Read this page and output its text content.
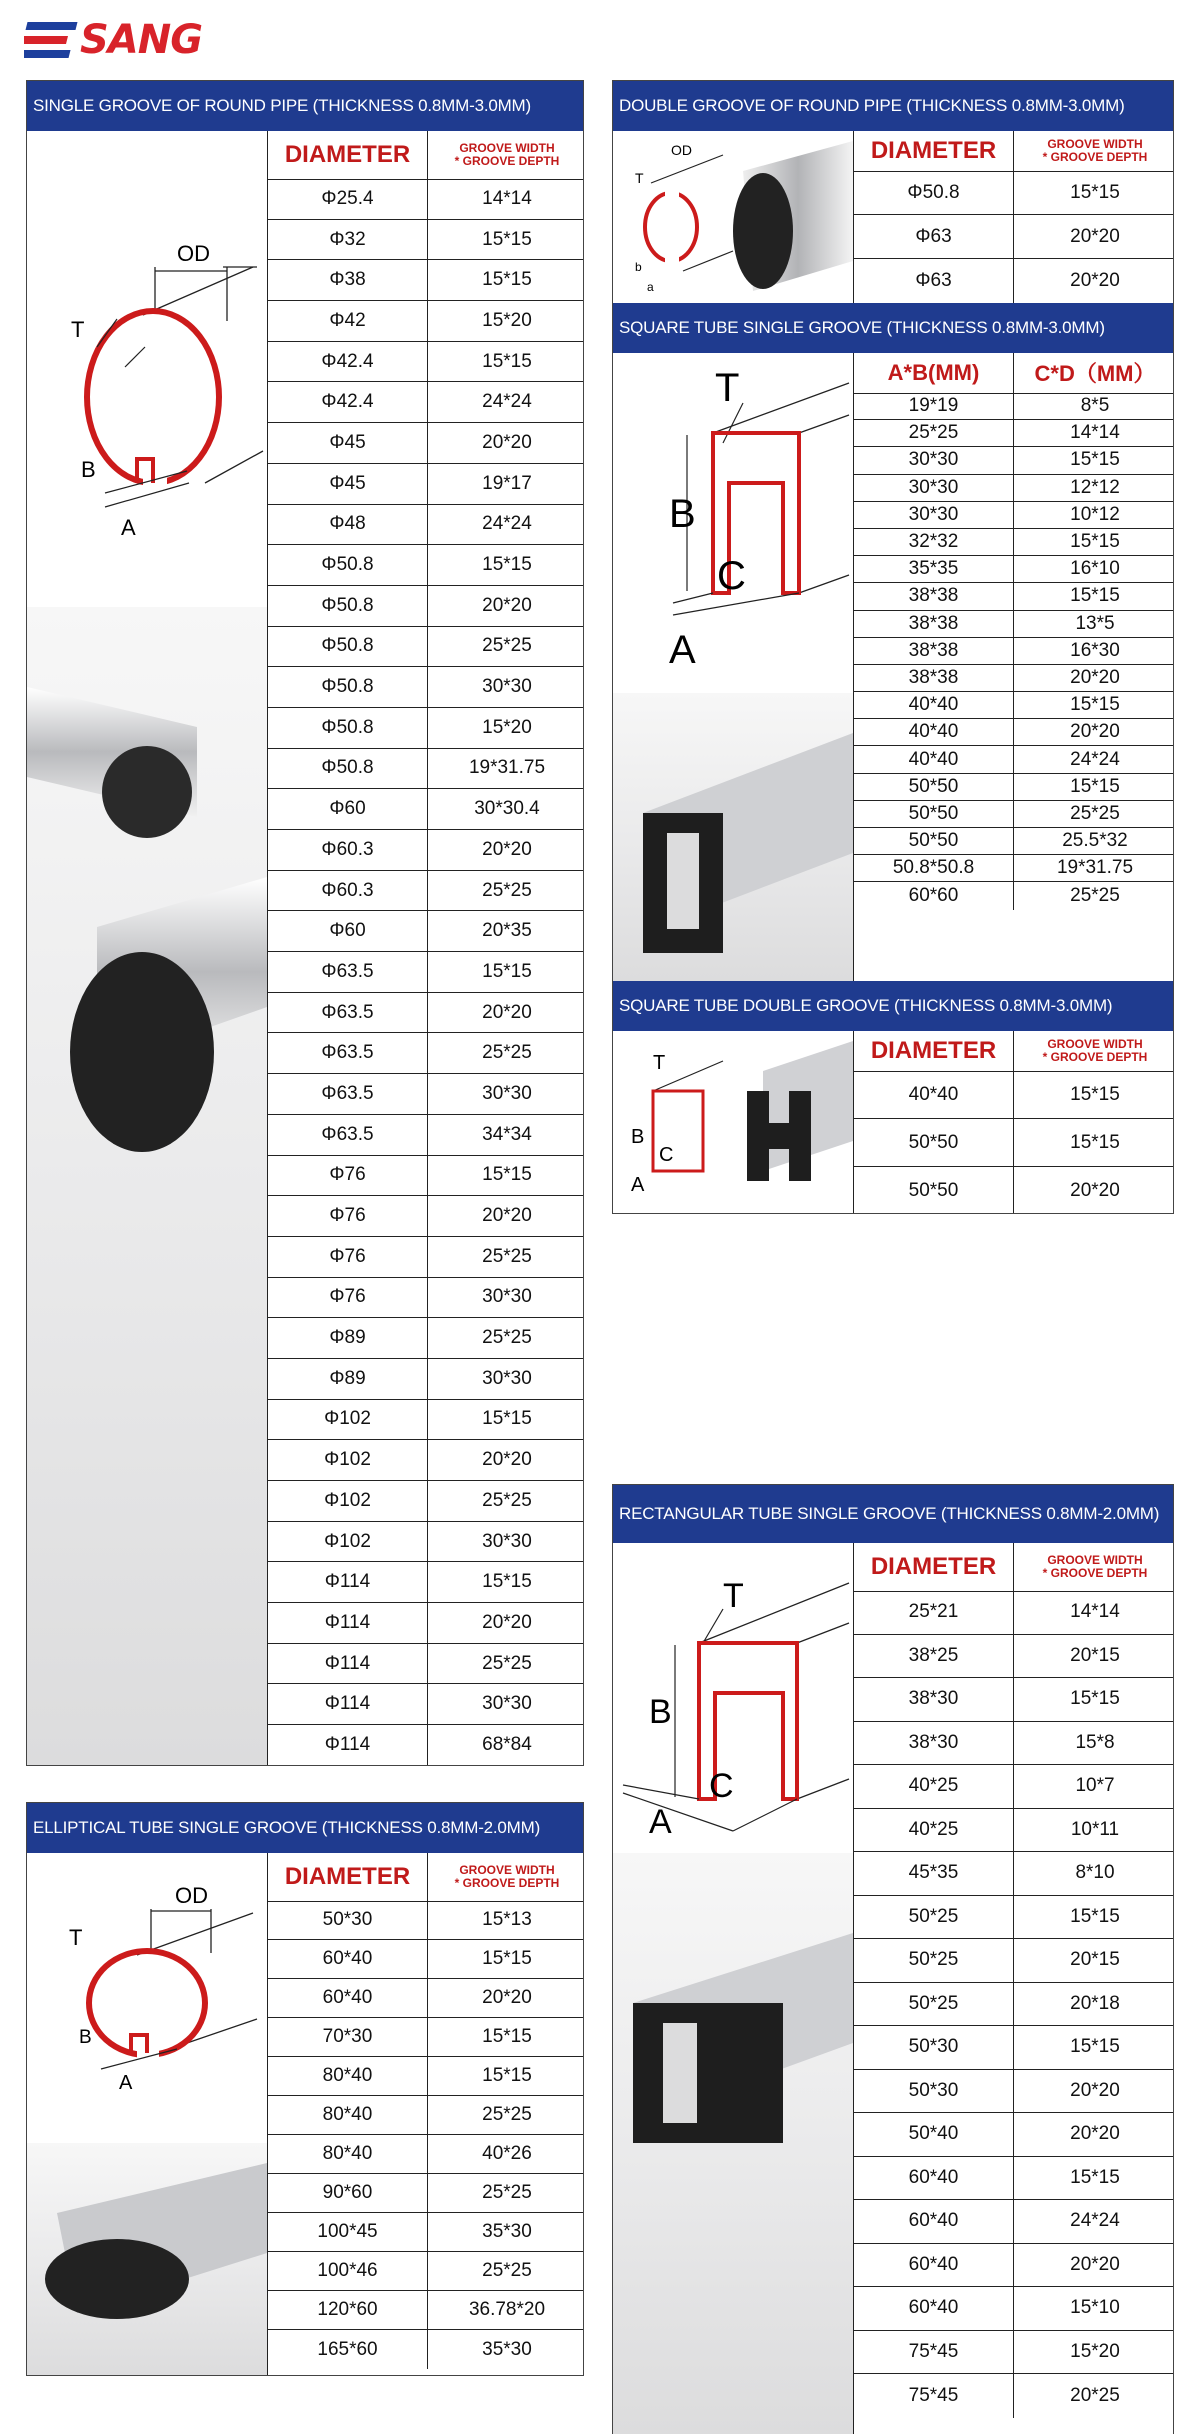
SANG
SINGLE GROOVE OF ROUND PIPE (THICKNESS 0.8MM-3.0MM)
OD
T
B
A
DIAMETER	GROOVE WIDTH
* GROOVE DEPTH
Φ25.4	14*14
Φ32	15*15
Φ38	15*15
Φ42	15*20
Φ42.4	15*15
Φ42.4	24*24
Φ45	20*20
Φ45	19*17
Φ48	24*24
Φ50.8	15*15
Φ50.8	20*20
Φ50.8	25*25
Φ50.8	30*30
Φ50.8	15*20
Φ50.8	19*31.75
Φ60	30*30.4
Φ60.3	20*20
Φ60.3	25*25
Φ60	20*35
Φ63.5	15*15
Φ63.5	20*20
Φ63.5	25*25
Φ63.5	30*30
Φ63.5	34*34
Φ76	15*15
Φ76	20*20
Φ76	25*25
Φ76	30*30
Φ89	25*25
Φ89	30*30
Φ102	15*15
Φ102	20*20
Φ102	25*25
Φ102	30*30
Φ114	15*15
Φ114	20*20
Φ114	25*25
Φ114	30*30
Φ114	68*84
ELLIPTICAL TUBE SINGLE GROOVE (THICKNESS 0.8MM-2.0MM)
OD
T
B
A
DIAMETER	GROOVE WIDTH
* GROOVE DEPTH
50*30	15*13
60*40	15*15
60*40	20*20
70*30	15*15
80*40	15*15
80*40	25*25
80*40	40*26
90*60	25*25
100*45	35*30
100*46	25*25
120*60	36.78*20
165*60	35*30
DOUBLE GROOVE OF ROUND PIPE (THICKNESS 0.8MM-3.0MM)
OD
T
b
a
DIAMETER	GROOVE WIDTH
* GROOVE DEPTH
Φ50.8	15*15
Φ63	20*20
Φ63	20*20
SQUARE TUBE SINGLE GROOVE (THICKNESS 0.8MM-3.0MM)
T
B
C
A
A*B(MM)	C*D（MM）
19*19	8*5
25*25	14*14
30*30	15*15
30*30	12*12
30*30	10*12
32*32	15*15
35*35	16*10
38*38	15*15
38*38	13*5
38*38	16*30
38*38	20*20
40*40	15*15
40*40	20*20
40*40	24*24
50*50	15*15
50*50	25*25
50*50	25.5*32
50.8*50.8	19*31.75
60*60	25*25
SQUARE TUBE DOUBLE GROOVE (THICKNESS 0.8MM-3.0MM)
T
B
C
A
DIAMETER	GROOVE WIDTH
* GROOVE DEPTH
40*40	15*15
50*50	15*15
50*50	20*20
RECTANGULAR TUBE SINGLE GROOVE (THICKNESS 0.8MM-2.0MM)
T
B
C
A
DIAMETER	GROOVE WIDTH
* GROOVE DEPTH
25*21	14*14
38*25	20*15
38*30	15*15
38*30	15*8
40*25	10*7
40*25	10*11
45*35	8*10
50*25	15*15
50*25	20*15
50*25	20*18
50*30	15*15
50*30	20*20
50*40	20*20
60*40	15*15
60*40	24*24
60*40	20*20
60*40	15*10
75*45	15*20
75*45	20*25
